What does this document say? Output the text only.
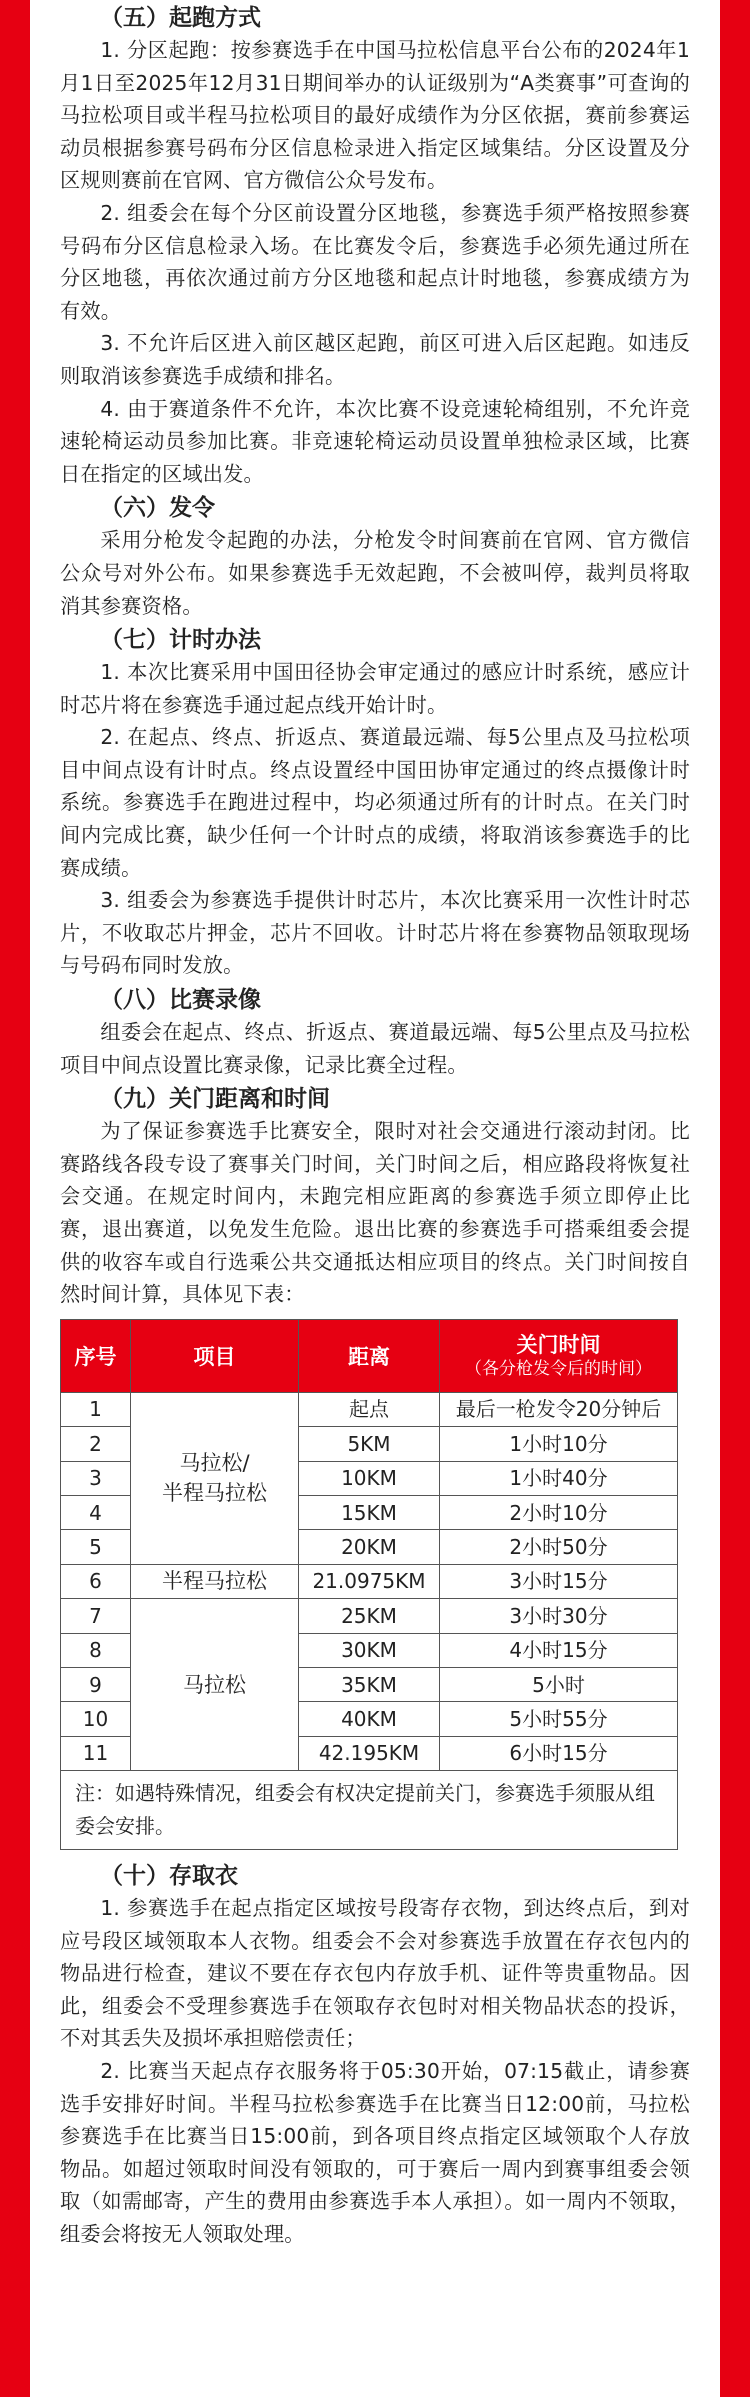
（五）起跑方式

1. 分区起跑：按参赛选手在中国马拉松信息平台公布的2024年1月1日至2025年12月31日期间举办的认证级别为“A类赛事”可查询的马拉松项目或半程马拉松项目的最好成绩作为分区依据，赛前参赛运动员根据参赛号码布分区信息检录进入指定区域集结。分区设置及分区规则赛前在官网、官方微信公众号发布。

2. 组委会在每个分区前设置分区地毯，参赛选手须严格按照参赛号码布分区信息检录入场。在比赛发令后，参赛选手必须先通过所在分区地毯，再依次通过前方分区地毯和起点计时地毯，参赛成绩方为有效。

3. 不允许后区进入前区越区起跑，前区可进入后区起跑。如违反则取消该参赛选手成绩和排名。

4. 由于赛道条件不允许，本次比赛不设竞速轮椅组别，不允许竞速轮椅运动员参加比赛。非竞速轮椅运动员设置单独检录区域，比赛日在指定的区域出发。

（六）发令

采用分枪发令起跑的办法，分枪发令时间赛前在官网、官方微信公众号对外公布。如果参赛选手无效起跑，不会被叫停，裁判员将取消其参赛资格。

（七）计时办法

1. 本次比赛采用中国田径协会审定通过的感应计时系统，感应计时芯片将在参赛选手通过起点线开始计时。

2. 在起点、终点、折返点、赛道最远端、每5公里点及马拉松项目中间点设有计时点。终点设置经中国田协审定通过的终点摄像计时系统。参赛选手在跑进过程中，均必须通过所有的计时点。在关门时间内完成比赛，缺少任何一个计时点的成绩，将取消该参赛选手的比赛成绩。

3. 组委会为参赛选手提供计时芯片，本次比赛采用一次性计时芯片，不收取芯片押金，芯片不回收。计时芯片将在参赛物品领取现场与号码布同时发放。

（八）比赛录像

组委会在起点、终点、折返点、赛道最远端、每5公里点及马拉松项目中间点设置比赛录像，记录比赛全过程。

（九）关门距离和时间

为了保证参赛选手比赛安全，限时对社会交通进行滚动封闭。比赛路线各段专设了赛事关门时间，关门时间之后，相应路段将恢复社会交通。在规定时间内，未跑完相应距离的参赛选手须立即停止比赛，退出赛道，以免发生危险。退出比赛的参赛选手可搭乘组委会提供的收容车或自行选乘公共交通抵达相应项目的终点。关门时间按自然时间计算，具体见下表：

序号	项目	距离	关门时间
（各分枪发令后的时间）

1	马拉松/
半程马拉松	起点	最后一枪发令20分钟后
2		5KM	1小时10分
3		10KM	1小时40分
4		15KM	2小时10分
5		20KM	2小时50分
6	半程马拉松	21.0975KM	3小时15分
7	马拉松	25KM	3小时30分
8		30KM	4小时15分
9		35KM	5小时
10		40KM	5小时55分
11		42.195KM	6小时15分
注：如遇特殊情况，组委会有权决定提前关门，参赛选手须服从组委会安排。			
（十）存取衣

1. 参赛选手在起点指定区域按号段寄存衣物，到达终点后，到对应号段区域领取本人衣物。组委会不会对参赛选手放置在存衣包内的物品进行检查，建议不要在存衣包内存放手机、证件等贵重物品。因此，组委会不受理参赛选手在领取存衣包时对相关物品状态的投诉，不对其丢失及损坏承担赔偿责任；

2. 比赛当天起点存衣服务将于05:30开始，07:15截止，请参赛选手安排好时间。半程马拉松参赛选手在比赛当日12:00前，马拉松参赛选手在比赛当日15:00前，到各项目终点指定区域领取个人存放物品。如超过领取时间没有领取的，可于赛后一周内到赛事组委会领取（如需邮寄，产生的费用由参赛选手本人承担）。如一周内不领取，组委会将按无人领取处理。
